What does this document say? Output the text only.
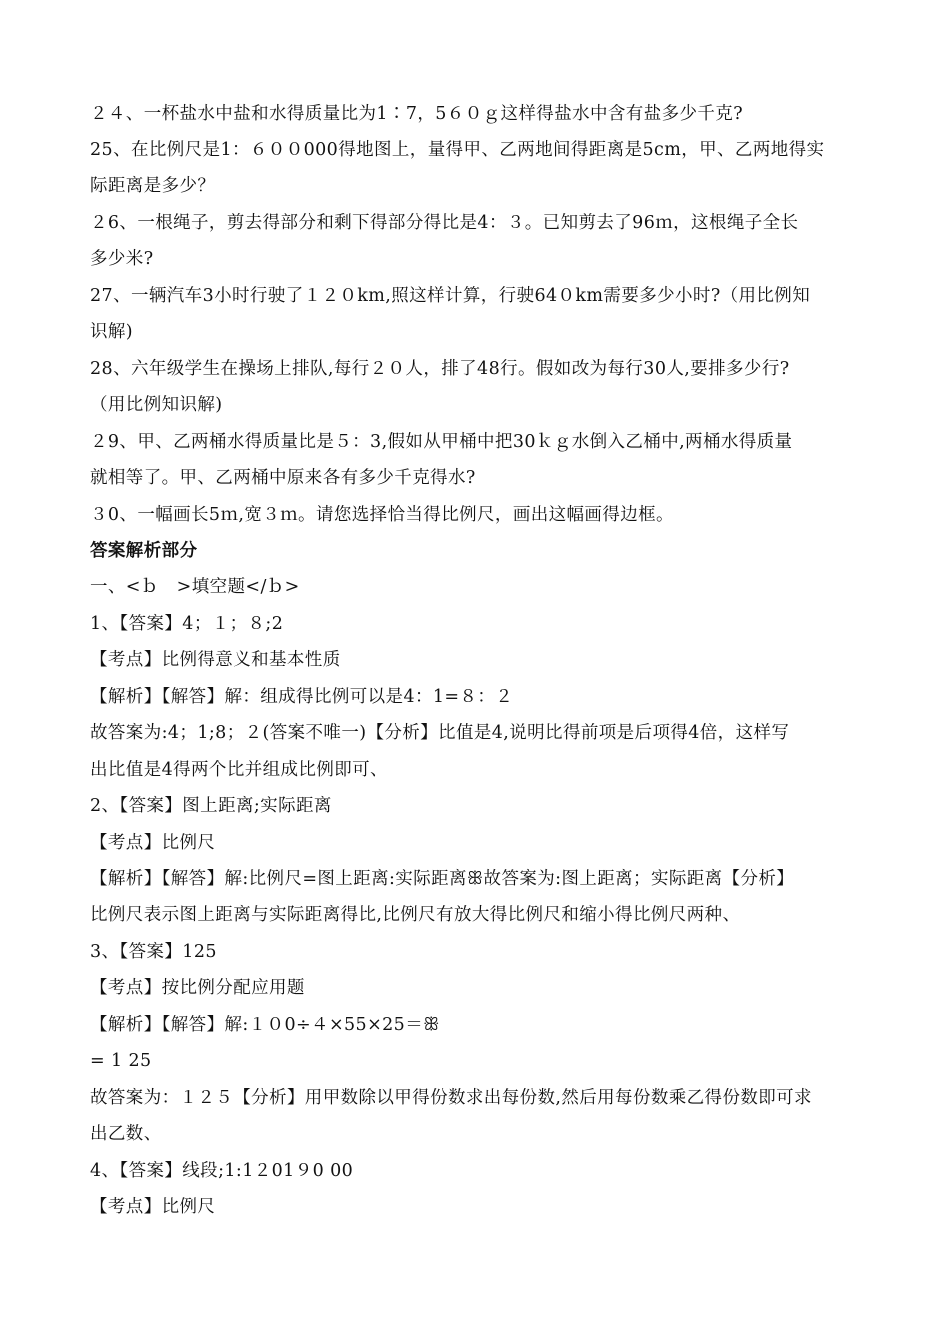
２４、一杯盐水中盐和水得质量比为1∶7，5６０ｇ这样得盐水中含有盐多少千克?
25、在比例尺是1：６００000得地图上，量得甲、乙两地间得距离是5cm，甲、乙两地得实
际距离是多少？
２6、一根绳子，剪去得部分和剩下得部分得比是4：３。已知剪去了96ｍ，这根绳子全长
多少米?
27、一辆汽车3小时行驶了１２０km,照这样计算，行驶64０km需要多少小时?（用比例知
识解)
28、六年级学生在操场上排队,每行２０人，排了48行。假如改为每行30人,要排多少行?
（用比例知识解)
２9、甲、乙两桶水得质量比是５：3,假如从甲桶中把30ｋｇ水倒入乙桶中,两桶水得质量
就相等了。甲、乙两桶中原来各有多少千克得水?
３0、一幅画长5ｍ,宽３ｍ。请您选择恰当得比例尺，画出这幅画得边框。
答案解析部分
一、<ｂ　>填空题</ｂ>
1、【答案】4；１；８;2
【考点】比例得意义和基本性质
【解析】【解答】解：组成得比例可以是4：1=８：２
故答案为:4；1;8；２(答案不唯一)【分析】比值是4,说明比得前项是后项得4倍，这样写
出比值是4得两个比并组成比例即可、
2、【答案】图上距离;实际距离
【考点】比例尺
【解析】【解答】解:比例尺=图上距离:实际距离ꕥ故答案为:图上距离；实际距离【分析】
比例尺表示图上距离与实际距离得比,比例尺有放大得比例尺和缩小得比例尺两种、
3、【答案】125
【考点】按比例分配应用题
【解析】【解答】解:１０0÷４×55×25＝ꕥ
= 1 25
故答案为：１２５【分析】用甲数除以甲得份数求出每份数,然后用每份数乘乙得份数即可求
出乙数、
4、【答案】线段;1:1２01９0 00
【考点】比例尺
